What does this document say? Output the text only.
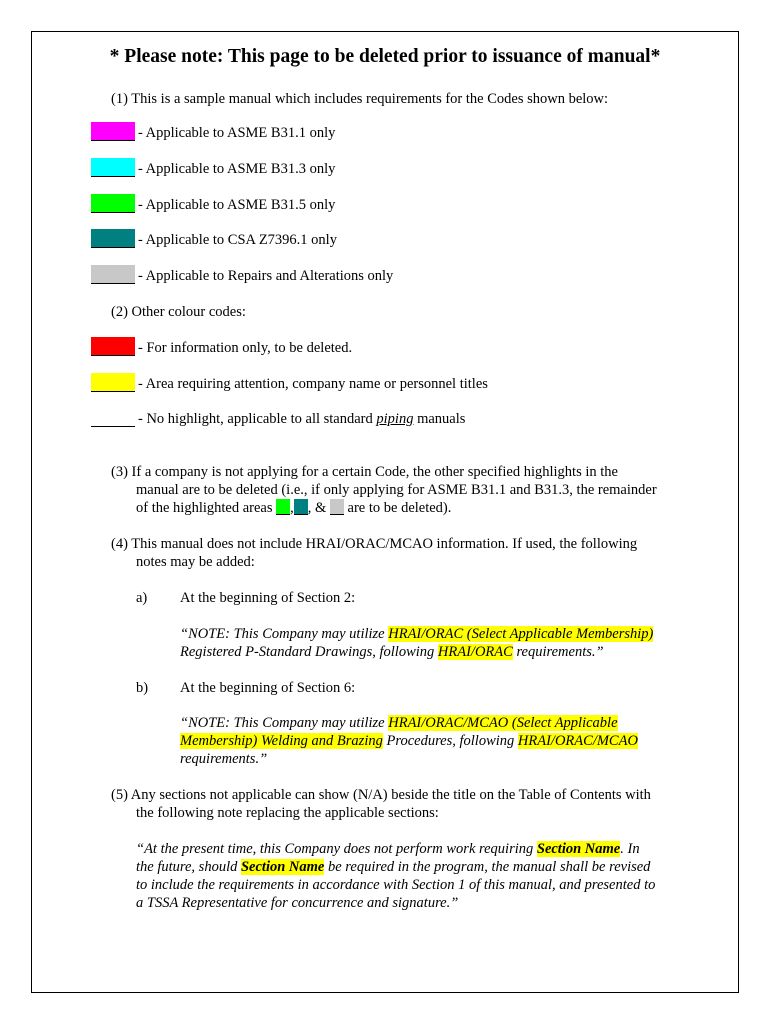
* Please note: This page to be deleted prior to issuance of manual*
(1) This is a sample manual which includes requirements for the Codes shown below:
- Applicable to ASME B31.1 only
- Applicable to ASME B31.3 only
- Applicable to ASME B31.5 only
- Applicable to CSA Z7396.1 only
- Applicable to Repairs and Alterations only
(2) Other colour codes:
- For information only, to be deleted.
- Area requiring attention, company name or personnel titles
- No highlight, applicable to all standard piping manuals
(3) If a company is not applying for a certain Code, the other specified highlights in the
manual are to be deleted (i.e., if only applying for ASME B31.1 and B31.3, the remainder
of the highlighted areas , , &  are to be deleted).
(4) This manual does not include HRAI/ORAC/MCAO information. If used, the following
notes may be added:
a) At the beginning of Section 2:
“NOTE: This Company may utilize HRAI/ORAC (Select Applicable Membership)
Registered P-Standard Drawings, following HRAI/ORAC requirements.”
b) At the beginning of Section 6:
“NOTE: This Company may utilize HRAI/ORAC/MCAO (Select Applicable
Membership) Welding and Brazing Procedures, following HRAI/ORAC/MCAO
requirements.”
(5) Any sections not applicable can show (N/A) beside the title on the Table of Contents with
the following note replacing the applicable sections:
“At the present time, this Company does not perform work requiring Section Name. In
the future, should Section Name be required in the program, the manual shall be revised
to include the requirements in accordance with Section 1 of this manual, and presented to
a TSSA Representative for concurrence and signature.”
